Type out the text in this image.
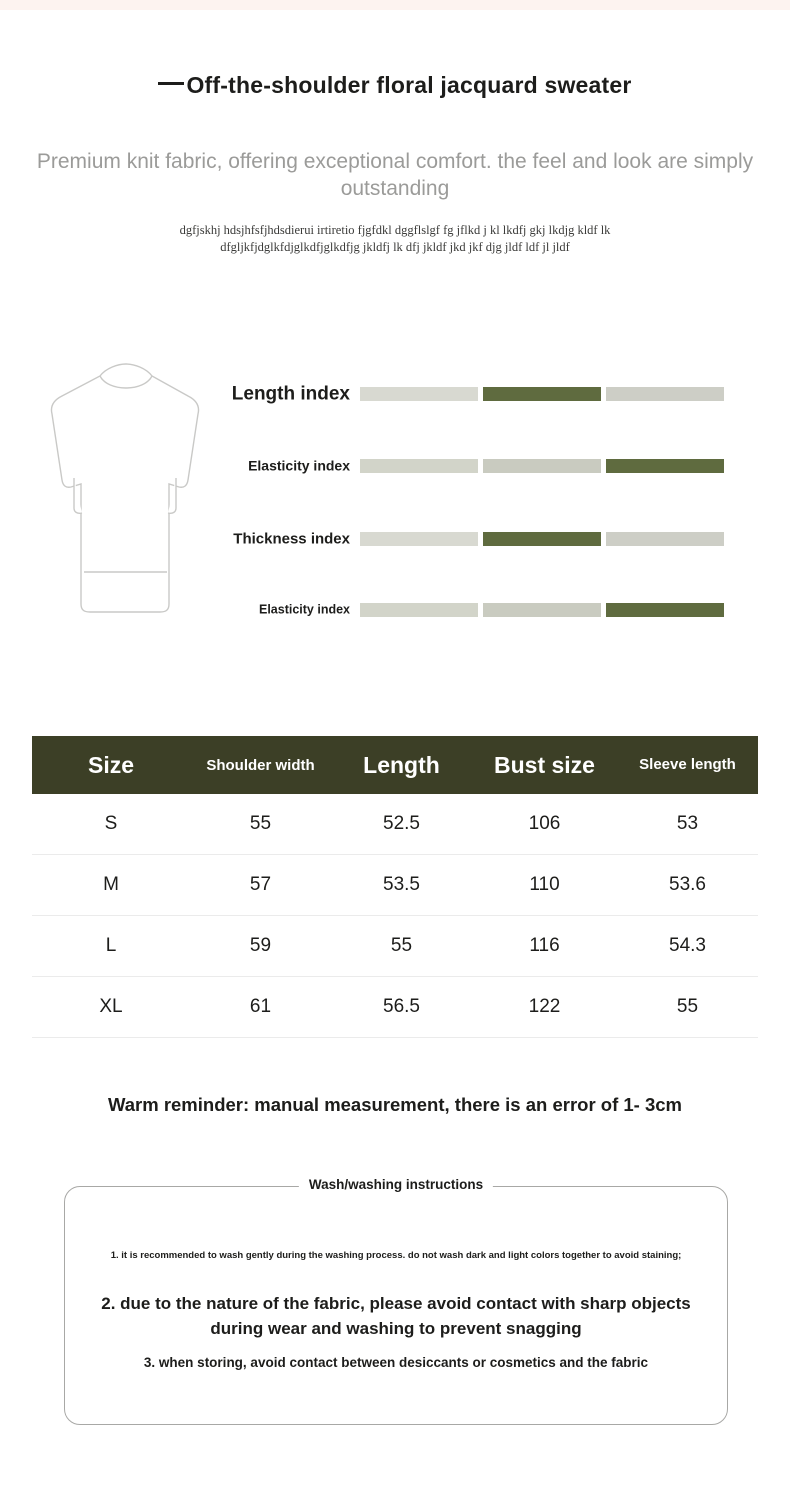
Off-the-shoulder floral jacquard sweater
Premium knit fabric, offering exceptional comfort. the feel and look are simply outstanding
dgfjskhj hdsjhfsfjhdsdierui irtiretio fjgfdkl dggflslgf fg jflkd j kl lkdfj gkj lkdjg kldf lk
dfgljkfjdglkfdjglkdfjglkdfjg jkldfj lk dfj jkldf jkd jkf djg jldf ldf jl jldf
Length index
Elasticity index
Thickness index
Elasticity index
Size	Shoulder width	Length	Bust size	Sleeve length
S	55	52.5	106	53
M	57	53.5	110	53.6
L	59	55	116	54.3
XL	61	56.5	122	55
Warm reminder: manual measurement, there is an error of 1- 3cm
Wash/washing instructions
1. it is recommended to wash gently during the washing process. do not wash dark and light colors together to avoid staining;
2. due to the nature of the fabric, please avoid contact with sharp objects during wear and washing to prevent snagging
3. when storing, avoid contact between desiccants or cosmetics and the fabric
